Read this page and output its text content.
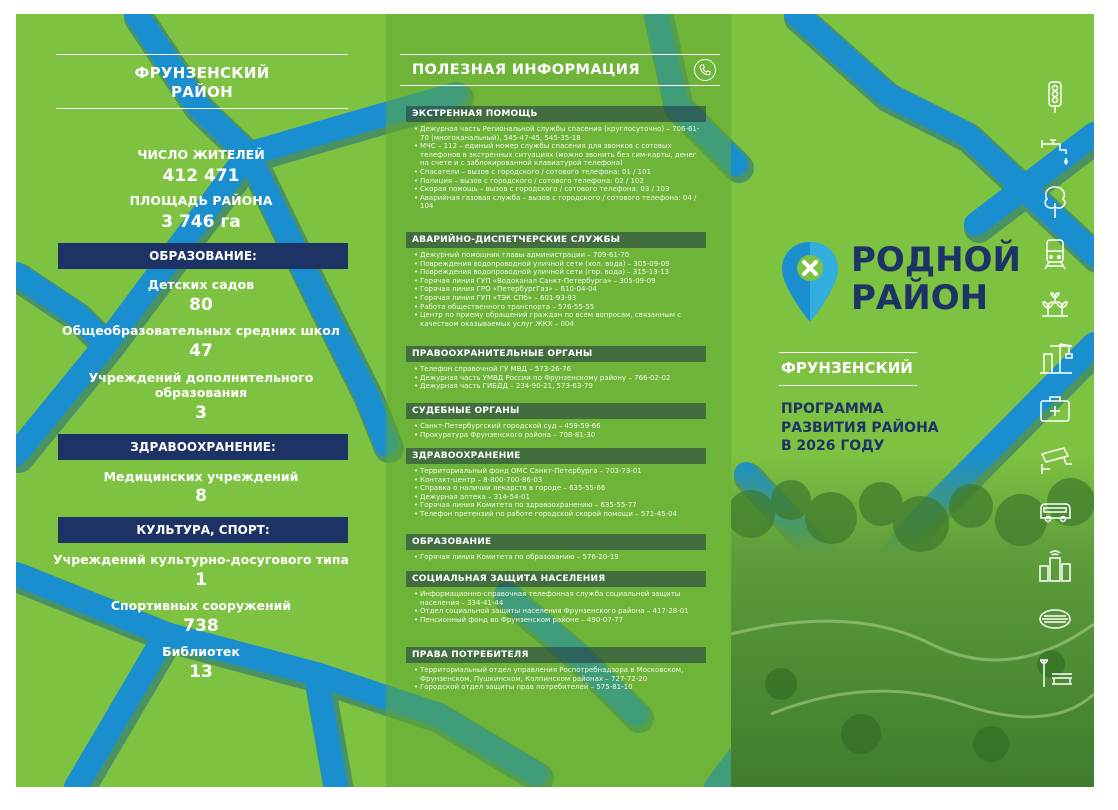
ФРУНЗЕНСКИЙ
РАЙОН
ЧИСЛО ЖИТЕЛЕЙ
412 471
ПЛОЩАДЬ РАЙОНА
3 746 га
ОБРАЗОВАНИЕ:
Детских садов
80
Общеобразовательных средних школ
47
Учреждений дополнительного
образования
3
ЗДРАВООХРАНЕНИЕ:
Медицинских учреждений
8
КУЛЬТУРА, СПОРТ:
Учреждений культурно-досугового типа
1
Спортивных сооружений
738
Библиотек
13
ПОЛЕЗНАЯ ИНФОРМАЦИЯ
ЭКСТРЕННАЯ ПОМОЩЬ
• Дежурная часть Региональной службы спасения (круглосуточно) – 706-61-70 (многоканальный), 545-47-45, 545-35-18
• МЧС – 112 – единый номер службы спасения для звонков с сотовых телефонов в экстренных ситуациях (можно звонить без сим-карты, денег на счете и с заблокированной клавиатурой телефона)
• Спасатели – вызов с городского / сотового телефона: 01 / 101
• Полиция – вызов с городского / сотового телефона: 02 / 102
• Скорая помощь – вызов с городского / сотового телефона: 03 / 103
• Аварийная газовая служба – вызов с городского / сотового телефона: 04 / 104
АВАРИЙНО-ДИСПЕТЧЕРСКИЕ СЛУЖБЫ
• Дежурный помощник главы администрации – 709-61-70
• Повреждения водопроводной уличной сети (хол. вода) – 305-09-09
• Повреждения водопроводной уличной сети (гор. вода) – 315-13-13
• Горячая линия ГУП «Водоканал Санкт-Петербурга» – 305-09-09
• Горячая линия ГРО «ПетербургГаз» – 610-04-04
• Горячая линия ГУП «ТЭК СПб» – 601-93-93
• Работа общественного транспорта – 576-55-55
• Центр по приему обращений граждан по всем вопросам, связанным с качеством оказываемых услуг ЖКХ – 004
ПРАВООХРАНИТЕЛЬНЫЕ ОРГАНЫ
• Телефон справочной ГУ МВД – 573-26-76
• Дежурная часть УМВД России по Фрунзенскому району – 766-02-02
• Дежурная часть ГИБДД – 234-90-21, 573-63-79
СУДЕБНЫЕ ОРГАНЫ
• Санкт-Петербургский городской суд – 459-59-66
• Прокуратура Фрунзенского района – 708-81-30
ЗДРАВООХРАНЕНИЕ
• Территориальный фонд ОМС Санкт-Петербурга – 703-73-01
• Контакт-центр – 8-800-700-86-03
• Справка о наличии лекарств в городе – 635-55-66
• Дежурная аптека – 314-54-01
• Горячая линия Комитета по здравоохранению – 635-55-77
• Телефон претензий по работе городской скорой помощи – 571-45-04
ОБРАЗОВАНИЕ
• Горячая линия Комитета по образованию – 576-20-19
СОЦИАЛЬНАЯ ЗАЩИТА НАСЕЛЕНИЯ
• Информационно-справочная телефонная служба социальной защиты населения – 334-41-44
• Отдел социальной защиты населения Фрунзенского района – 417-28-01
• Пенсионный фонд во Фрунзенском районе – 490-07-77
ПРАВА ПОТРЕБИТЕЛЯ
• Территориальный отдел управления Роспотребнадзора в Московском, Фрунзенском, Пушкинском, Колпинском районах – 727-72-20
• Городской отдел защиты прав потребителей – 575-81-10
РОДНОЙ
РАЙОН
ФРУНЗЕНСКИЙ
ПРОГРАММА
РАЗВИТИЯ РАЙОНА
В 2026 ГОДУ
